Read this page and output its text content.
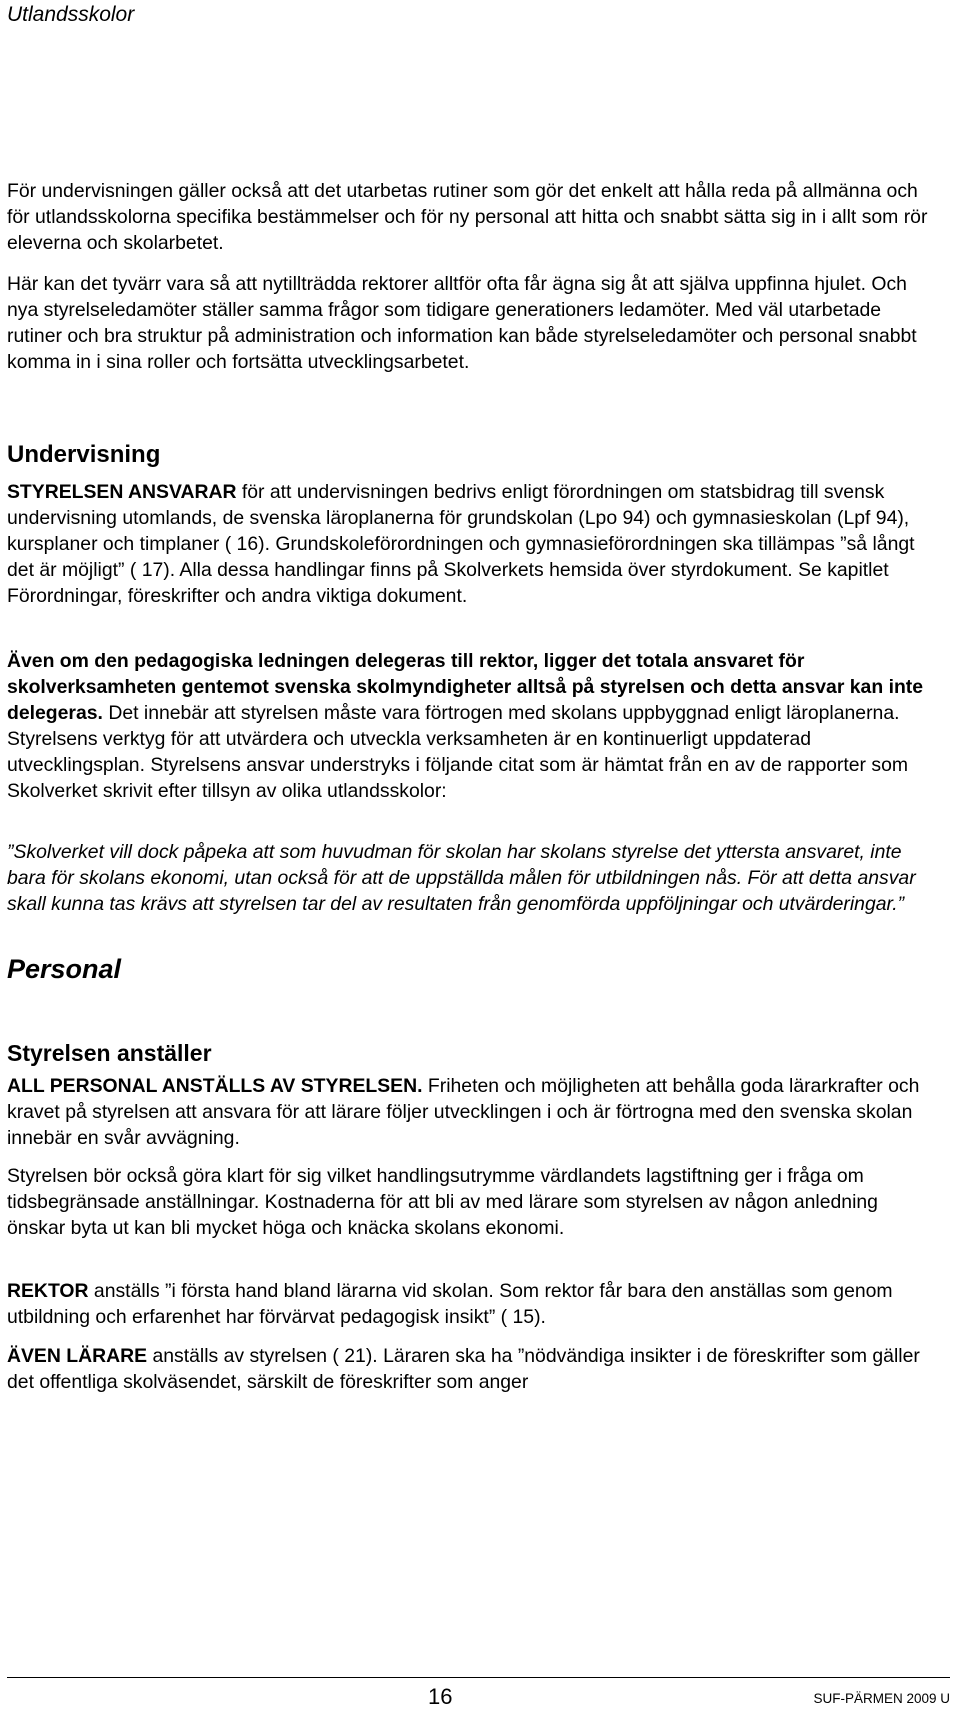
Utlandsskolor

För undervisningen gäller också att det utarbetas rutiner som gör det enkelt att hålla reda på allmänna och för utlandsskolorna specifika bestämmelser och för ny personal att hitta och snabbt sätta sig in i allt som rör eleverna och skolarbetet.

Här kan det tyvärr vara så att nytillträdda rektorer alltför ofta får ägna sig åt att själva uppfinna hjulet. Och nya styrelseledamöter ställer samma frågor som tidigare generationers ledamöter. Med väl utarbetade rutiner och bra struktur på administration och information kan både styrelseledamöter och personal snabbt komma in i sina roller och fortsätta utvecklingsarbetet.

Undervisning

STYRELSEN ANSVARAR för att undervisningen bedrivs enligt förordningen om statsbidrag till svensk undervisning utomlands, de svenska läroplanerna för grundskolan (Lpo 94) och gymnasieskolan (Lpf 94), kursplaner och timplaner ( 16). Grundskoleförordningen och gymnasieförordningen ska tillämpas ”så långt det är möjligt” ( 17). Alla dessa handlingar finns på Skolverkets hemsida över styrdokument. Se kapitlet Förordningar, föreskrifter och andra viktiga dokument.

Även om den pedagogiska ledningen delegeras till rektor, ligger det totala ansvaret för skolverksamheten gentemot svenska skolmyndigheter alltså på styrelsen och detta ansvar kan inte delegeras. Det innebär att styrelsen måste vara förtrogen med skolans uppbyggnad enligt läroplanerna. Styrelsens verktyg för att utvärdera och utveckla verksamheten är en kontinuerligt uppdaterad utvecklingsplan. Styrelsens ansvar understryks i följande citat som är hämtat från en av de rapporter som Skolverket skrivit efter tillsyn av olika utlandsskolor:

”Skolverket vill dock påpeka att som huvudman för skolan har skolans styrelse det yttersta ansvaret, inte bara för skolans ekonomi, utan också för att de uppställda målen för utbildningen nås. För att detta ansvar skall kunna tas krävs att styrelsen tar del av resultaten från genomförda uppföljningar och utvärderingar.”

Personal
Styrelsen anställer

ALL PERSONAL ANSTÄLLS AV STYRELSEN. Friheten och möjligheten att behålla goda lärarkrafter och kravet på styrelsen att ansvara för att lärare följer utvecklingen i och är förtrogna med den svenska skolan innebär en svår avvägning.

Styrelsen bör också göra klart för sig vilket handlingsutrymme värdlandets lagstiftning ger i fråga om tidsbegränsade anställningar. Kostnaderna för att bli av med lärare som styrelsen av någon anledning önskar byta ut kan bli mycket höga och knäcka skolans ekonomi.

REKTOR anställs ”i första hand bland lärarna vid skolan. Som rektor får bara den anställas som genom utbildning och erfarenhet har förvärvat pedagogisk insikt” ( 15).

ÄVEN LÄRARE anställs av styrelsen ( 21). Läraren ska ha ”nödvändiga insikter i de föreskrifter som gäller det offentliga skolväsendet, särskilt de föreskrifter som anger

16	SUF-PÄRMEN 2009 U
